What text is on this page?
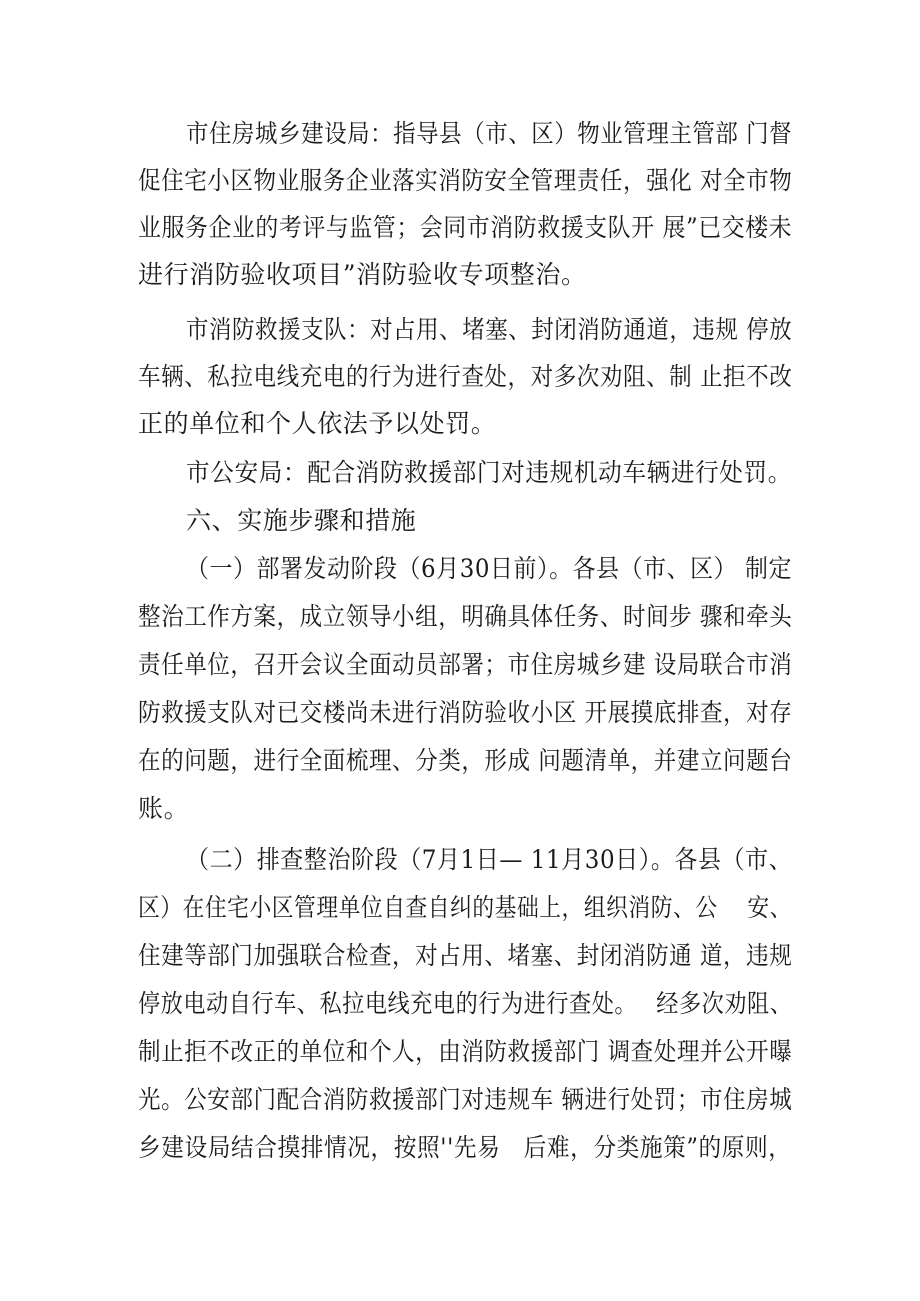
市住房城乡建设局：指导县（市、区）物业管理主管部 门督
促住宅小区物业服务企业落实消防安全管理责任，强化 对全市物
业服务企业的考评与监管；会同市消防救援支队开 展”已交楼未
进行消防验收项目”消防验收专项整治。
市消防救援支队：对占用、堵塞、封闭消防通道，违规 停放
车辆、私拉电线充电的行为进行查处，对多次劝阻、制 止拒不改
正的单位和个人依法予以处罚。
市公安局：配合消防救援部门对违规机动车辆进行处罚。
六、实施步骤和措施
（一）部署发动阶段（6月30日前）。各县（市、区） 制定
整治工作方案，成立领导小组，明确具体任务、时间步 骤和牵头
责任单位，召开会议全面动员部署；市住房城乡建 设局联合市消
防救援支队对已交楼尚未进行消防验收小区 开展摸底排查，对存
在的问题，进行全面梳理、分类，形成 问题清单，并建立问题台
账。
（二）排查整治阶段（7月1日— 11月30日）。各县（市、
区）在住宅小区管理单位自查自纠的基础上，组织消防、公　 安、
住建等部门加强联合检查，对占用、堵塞、封闭消防通 道，违规
停放电动自行车、私拉电线充电的行为进行查处。　 经多次劝阻、
制止拒不改正的单位和个人，由消防救援部门 调查处理并公开曝
光。公安部门配合消防救援部门对违规车 辆进行处罚；市住房城
乡建设局结合摸排情况，按照''先易　后难，分类施策”的原则，
